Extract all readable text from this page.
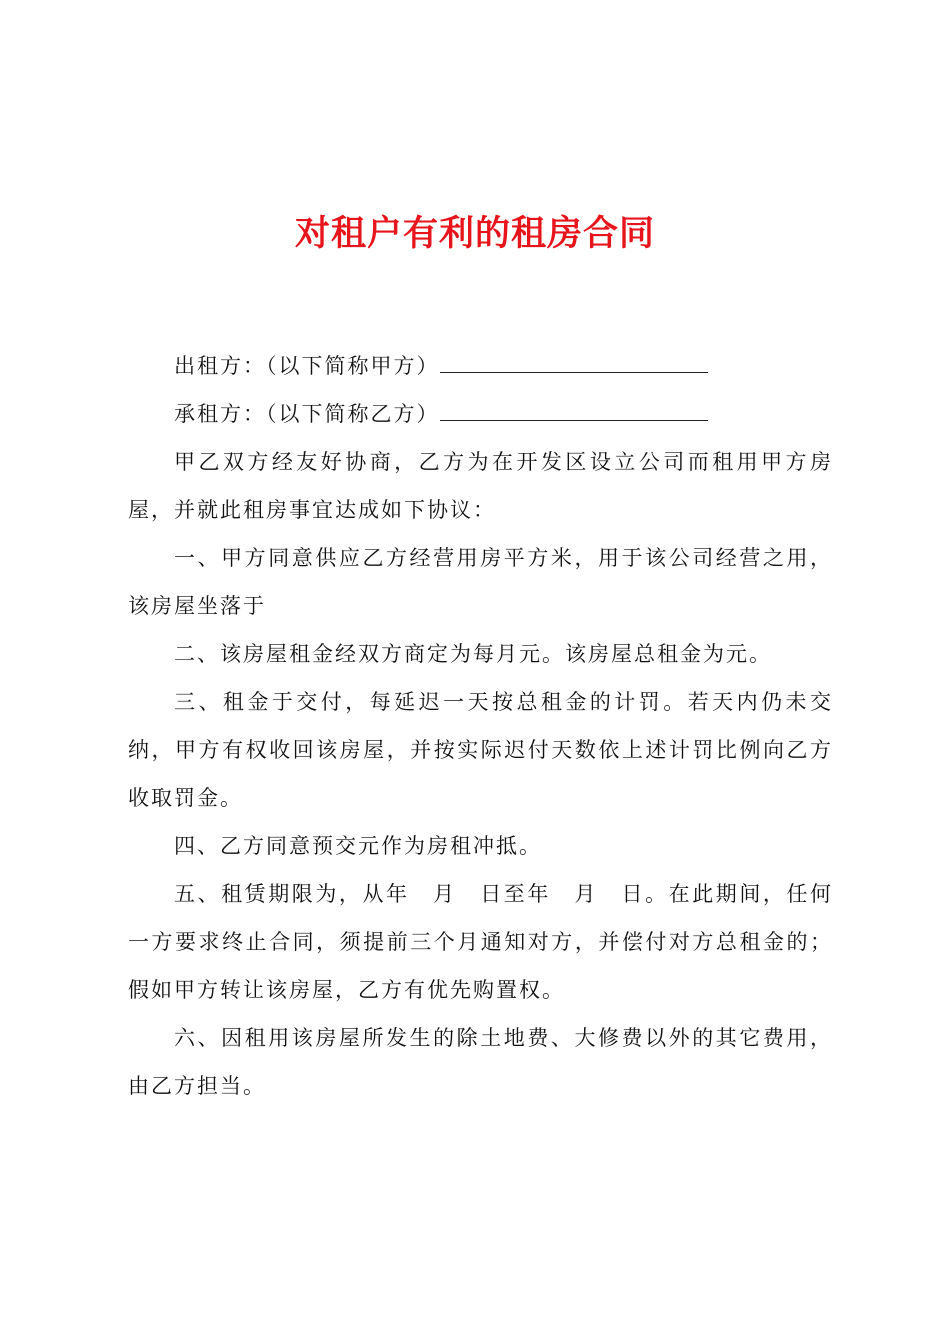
对租户有利的租房合同

出租方：（以下简称甲方）

承租方：（以下简称乙方）

甲乙双方经友好协商，乙方为在开发区设立公司而租用甲方房屋，并就此租房事宜达成如下协议：

一、甲方同意供应乙方经营用房平方米，用于该公司经营之用，该房屋坐落于

二、该房屋租金经双方商定为每月元。该房屋总租金为元。

三、租金于交付，每延迟一天按总租金的计罚。若天内仍未交纳，甲方有权收回该房屋，并按实际迟付天数依上述计罚比例向乙方收取罚金。

四、乙方同意预交元作为房租冲抵。

五、租赁期限为，从年　月　日至年　月　日。在此期间，任何一方要求终止合同，须提前三个月通知对方，并偿付对方总租金的；假如甲方转让该房屋，乙方有优先购置权。

六、因租用该房屋所发生的除土地费、大修费以外的其它费用，由乙方担当。
